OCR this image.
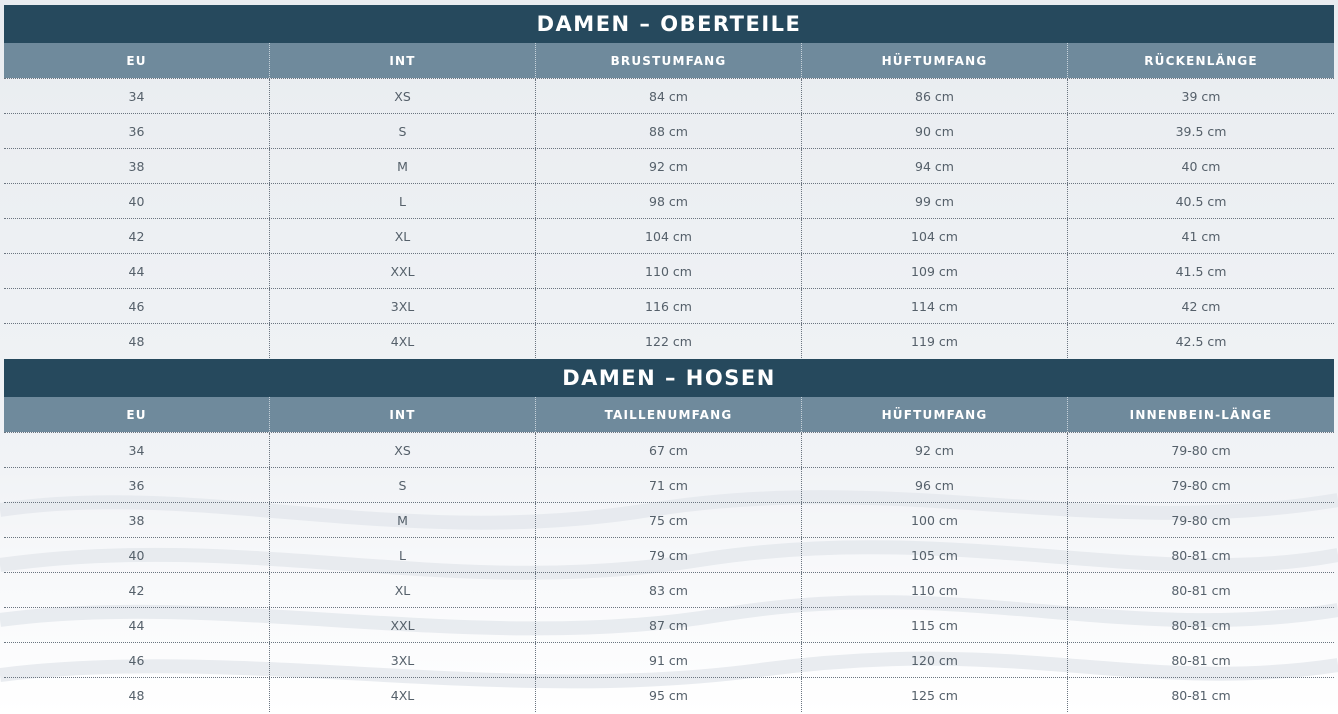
DAMEN – OBERTEILE
EU	INT	BRUSTUMFANG	HÜFTUMFANG	RÜCKENLÄNGE
34	XS	84 cm	86 cm	39 cm
36	S	88 cm	90 cm	39.5 cm
38	M	92 cm	94 cm	40 cm
40	L	98 cm	99 cm	40.5 cm
42	XL	104 cm	104 cm	41 cm
44	XXL	110 cm	109 cm	41.5 cm
46	3XL	116 cm	114 cm	42 cm
48	4XL	122 cm	119 cm	42.5 cm
DAMEN – HOSEN
EU	INT	TAILLENUMFANG	HÜFTUMFANG	INNENBEIN-LÄNGE
34	XS	67 cm	92 cm	79-80 cm
36	S	71 cm	96 cm	79-80 cm
38	M	75 cm	100 cm	79-80 cm
40	L	79 cm	105 cm	80-81 cm
42	XL	83 cm	110 cm	80-81 cm
44	XXL	87 cm	115 cm	80-81 cm
46	3XL	91 cm	120 cm	80-81 cm
48	4XL	95 cm	125 cm	80-81 cm
